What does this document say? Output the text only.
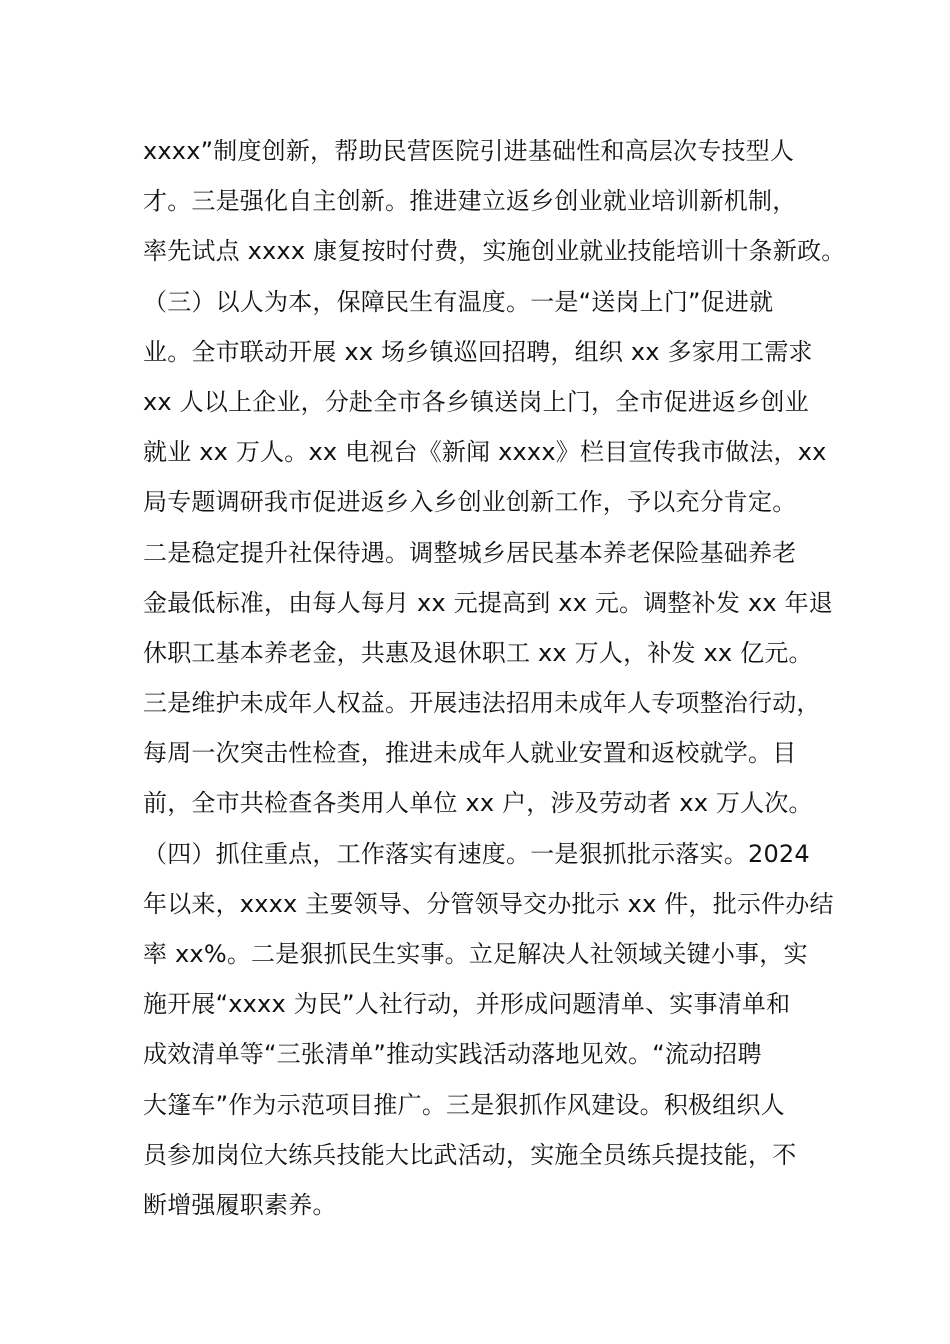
xxxx”制度创新，帮助民营医院引进基础性和高层次专技型人
才。三是强化自主创新。推进建立返乡创业就业培训新机制，
率先试点 xxxx 康复按时付费，实施创业就业技能培训十条新政。
（三）以人为本，保障民生有温度。一是“送岗上门”促进就
业。全市联动开展 xx 场乡镇巡回招聘，组织 xx 多家用工需求
xx 人以上企业，分赴全市各乡镇送岗上门，全市促进返乡创业
就业 xx 万人。xx 电视台《新闻 xxxx》栏目宣传我市做法，xx
局专题调研我市促进返乡入乡创业创新工作，予以充分肯定。
二是稳定提升社保待遇。调整城乡居民基本养老保险基础养老
金最低标准，由每人每月 xx 元提高到 xx 元。调整补发 xx 年退
休职工基本养老金，共惠及退休职工 xx 万人，补发 xx 亿元。
三是维护未成年人权益。开展违法招用未成年人专项整治行动，
每周一次突击性检查，推进未成年人就业安置和返校就学。目
前，全市共检查各类用人单位 xx 户，涉及劳动者 xx 万人次。
（四）抓住重点，工作落实有速度。一是狠抓批示落实。2024
年以来，xxxx 主要领导、分管领导交办批示 xx 件，批示件办结
率 xx%。二是狠抓民生实事。立足解决人社领域关键小事，实
施开展“xxxx 为民”人社行动，并形成问题清单、实事清单和
成效清单等“三张清单”推动实践活动落地见效。“流动招聘
大篷车”作为示范项目推广。三是狠抓作风建设。积极组织人
员参加岗位大练兵技能大比武活动，实施全员练兵提技能，不
断增强履职素养。
